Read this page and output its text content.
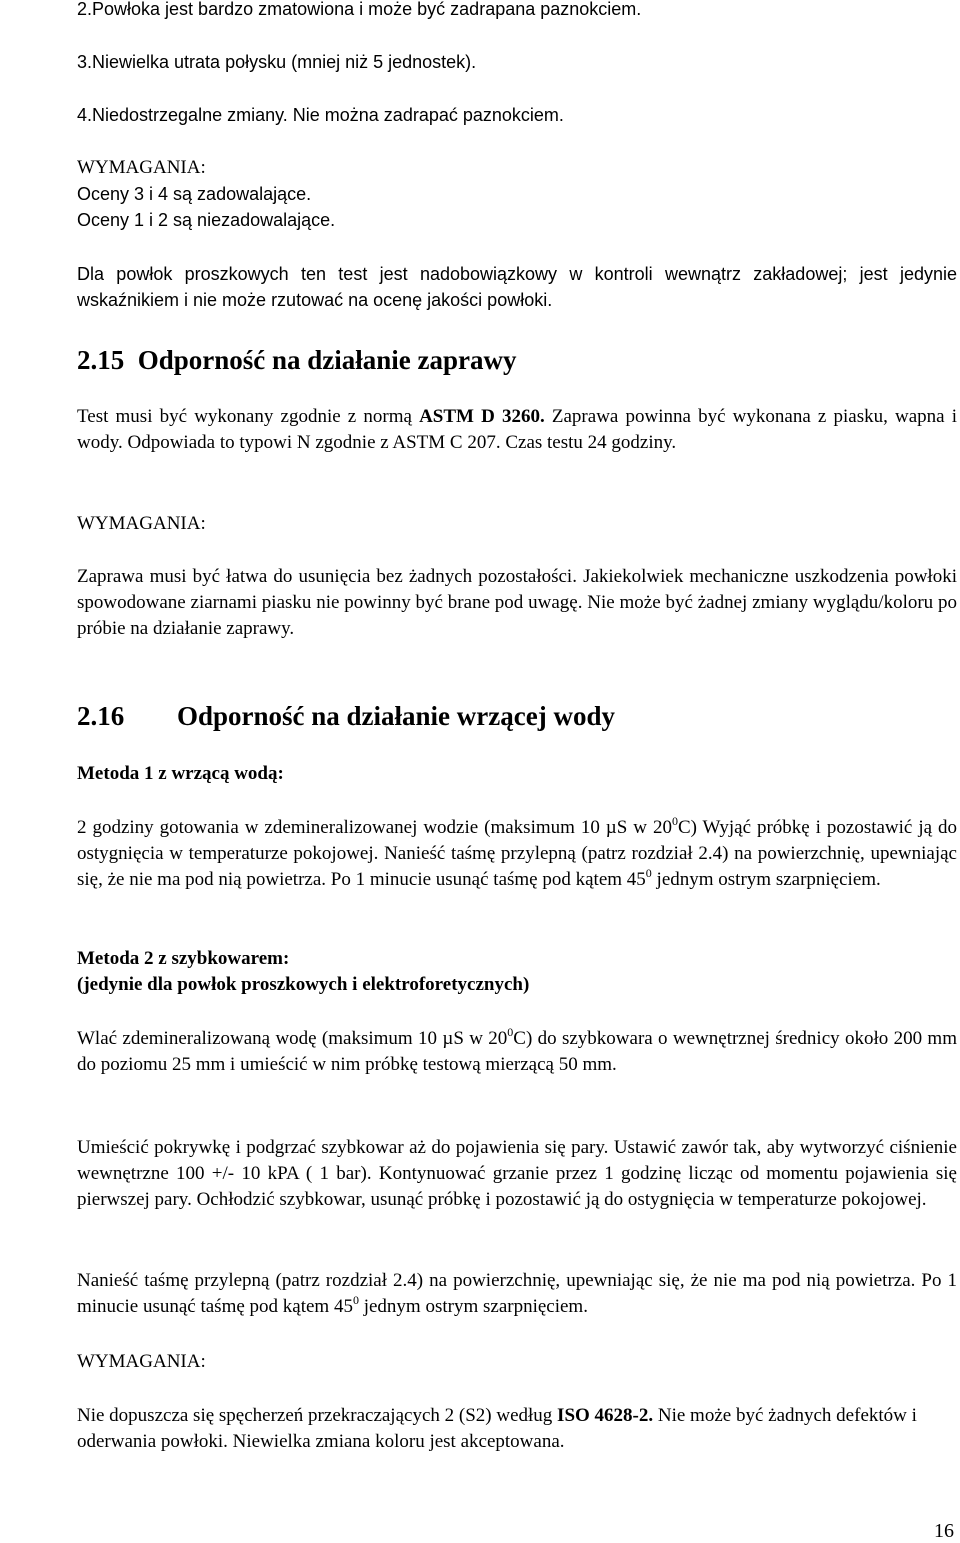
2.Powłoka jest bardzo zmatowiona i może być zadrapana paznokciem.

3.Niewielka utrata połysku (mniej niż 5 jednostek).

4.Niedostrzegalne zmiany. Nie można zadrapać paznokciem.

WYMAGANIA:

Oceny 3 i 4 są zadowalające.

Oceny 1 i 2 są niezadowalające.

Dla powłok proszkowych ten test jest nadobowiązkowy w kontroli wewnątrz zakładowej; jest jedynie wskaźnikiem i nie może rzutować na ocenę jakości powłoki.

2.15 Odporność na działanie zaprawy

Test musi być wykonany zgodnie z normą ASTM D 3260. Zaprawa powinna być wykonana z piasku, wapna i wody. Odpowiada to typowi N zgodnie z ASTM C 207. Czas testu 24 godziny.

WYMAGANIA:

Zaprawa musi być łatwa do usunięcia bez żadnych pozostałości. Jakiekolwiek mechaniczne uszkodzenia powłoki spowodowane ziarnami piasku nie powinny być brane pod uwagę. Nie może być żadnej zmiany wyglądu/koloru po próbie na działanie zaprawy.

2.16 Odporność na działanie wrzącej wody

Metoda 1 z wrzącą wodą:

2 godziny gotowania w zdemineralizowanej wodzie (maksimum 10 µS w $20^0C$) Wyjąć próbkę i pozostawić ją do ostygnięcia w temperaturze pokojowej. Nanieść taśmę przylepną (patrz rozdział 2.4) na powierzchnię, upewniając się, że nie ma pod nią powietrza. Po 1 minucie usunąć taśmę pod kątem $45^0$ jednym ostrym szarpnięciem.

Metoda 2 z szybkowarem:

(jedynie dla powłok proszkowych i elektroforetycznych)

Wlać zdemineralizowaną wodę (maksimum 10 µS w $20^0C$) do szybkowara o wewnętrznej średnicy około 200 mm do poziomu 25 mm i umieścić w nim próbkę testową mierzącą 50 mm.

Umieścić pokrywkę i podgrzać szybkowar aż do pojawienia się pary. Ustawić zawór tak, aby wytworzyć ciśnienie wewnętrzne 100 +/- 10 kPA ( 1 bar). Kontynuować grzanie przez 1 godzinę licząc od momentu pojawienia się pierwszej pary. Ochłodzić szybkowar, usunąć próbkę i pozostawić ją do ostygnięcia w temperaturze pokojowej.

Nanieść taśmę przylepną (patrz rozdział 2.4) na powierzchnię, upewniając się, że nie ma pod nią powietrza. Po 1 minucie usunąć taśmę pod kątem $45^0$ jednym ostrym szarpnięciem.

WYMAGANIA:

Nie dopuszcza się spęcherzeń przekraczających 2 (S2) według ISO 4628-2. Nie może być żadnych defektów i oderwania powłoki. Niewielka zmiana koloru jest akceptowana.

16
